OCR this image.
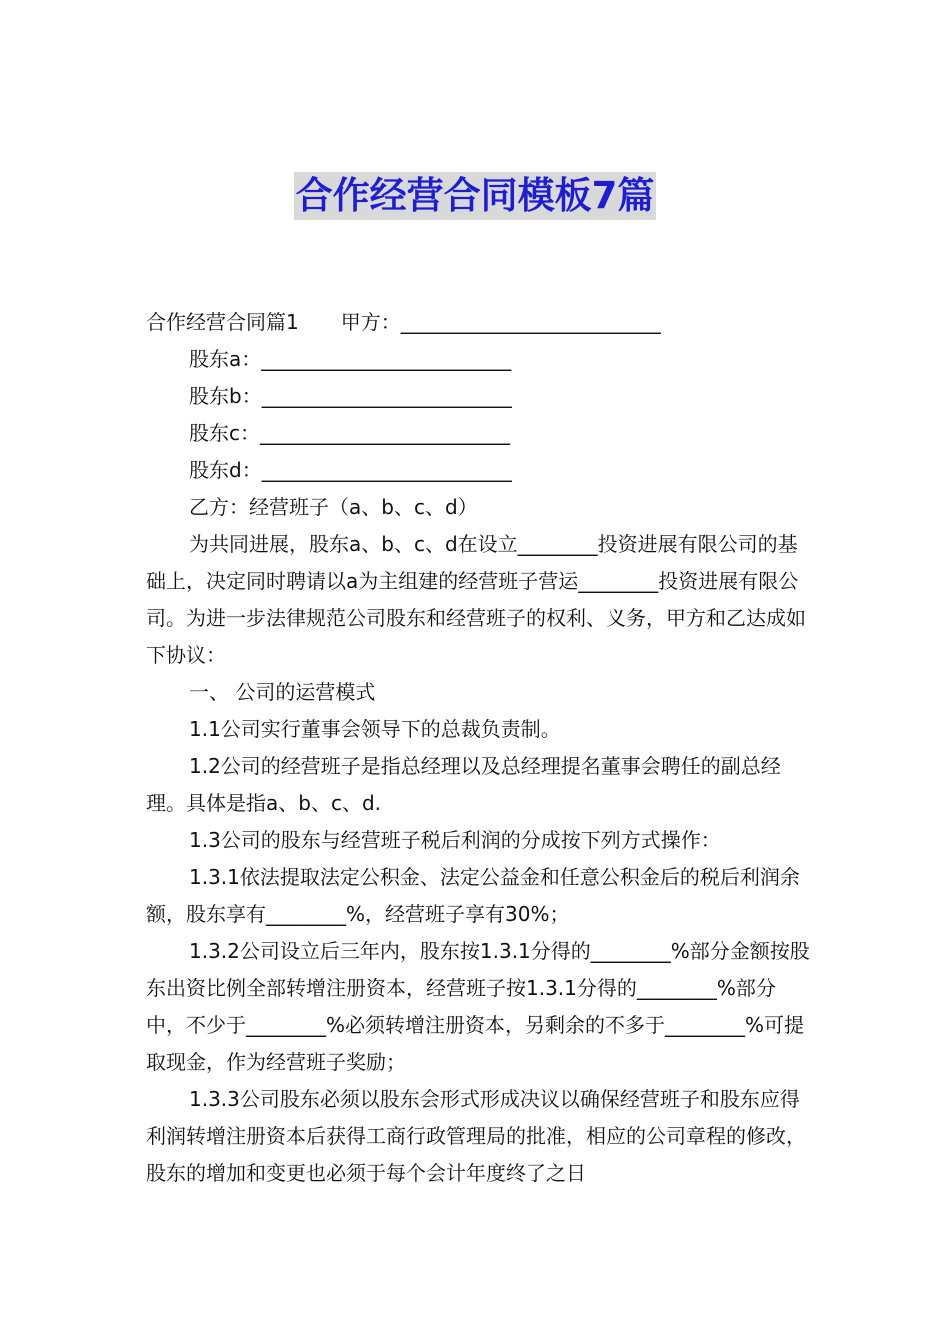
合作经营合同模板7篇

合作经营合同篇1 甲方：__________________________

股东a：_________________________

股东b：_________________________

股东c：_________________________

股东d：_________________________

乙方：经营班子（a、b、c、d）

为共同进展，股东a、b、c、d在设立________投资进展有限公司的基础上，决定同时聘请以a为主组建的经营班子营运________投资进展有限公司。为进一步法律规范公司股东和经营班子的权利、义务，甲方和乙达成如下协议：

一、 公司的运营模式

1.1公司实行董事会领导下的总裁负责制。

1.2公司的经营班子是指总经理以及总经理提名董事会聘任的副总经理。具体是指a、b、c、d.

1.3公司的股东与经营班子税后利润的分成按下列方式操作：

1.3.1依法提取法定公积金、法定公益金和任意公积金后的税后利润余额，股东享有________%，经营班子享有30%；

1.3.2公司设立后三年内，股东按1.3.1分得的________%部分金额按股东出资比例全部转增注册资本，经营班子按1.3.1分得的________%部分中，不少于________%必须转增注册资本，另剩余的不多于________%可提取现金，作为经营班子奖励；

1.3.3公司股东必须以股东会形式形成决议以确保经营班子和股东应得利润转增注册资本后获得工商行政管理局的批准，相应的公司章程的修改，股东的增加和变更也必须于每个会计年度终了之日
